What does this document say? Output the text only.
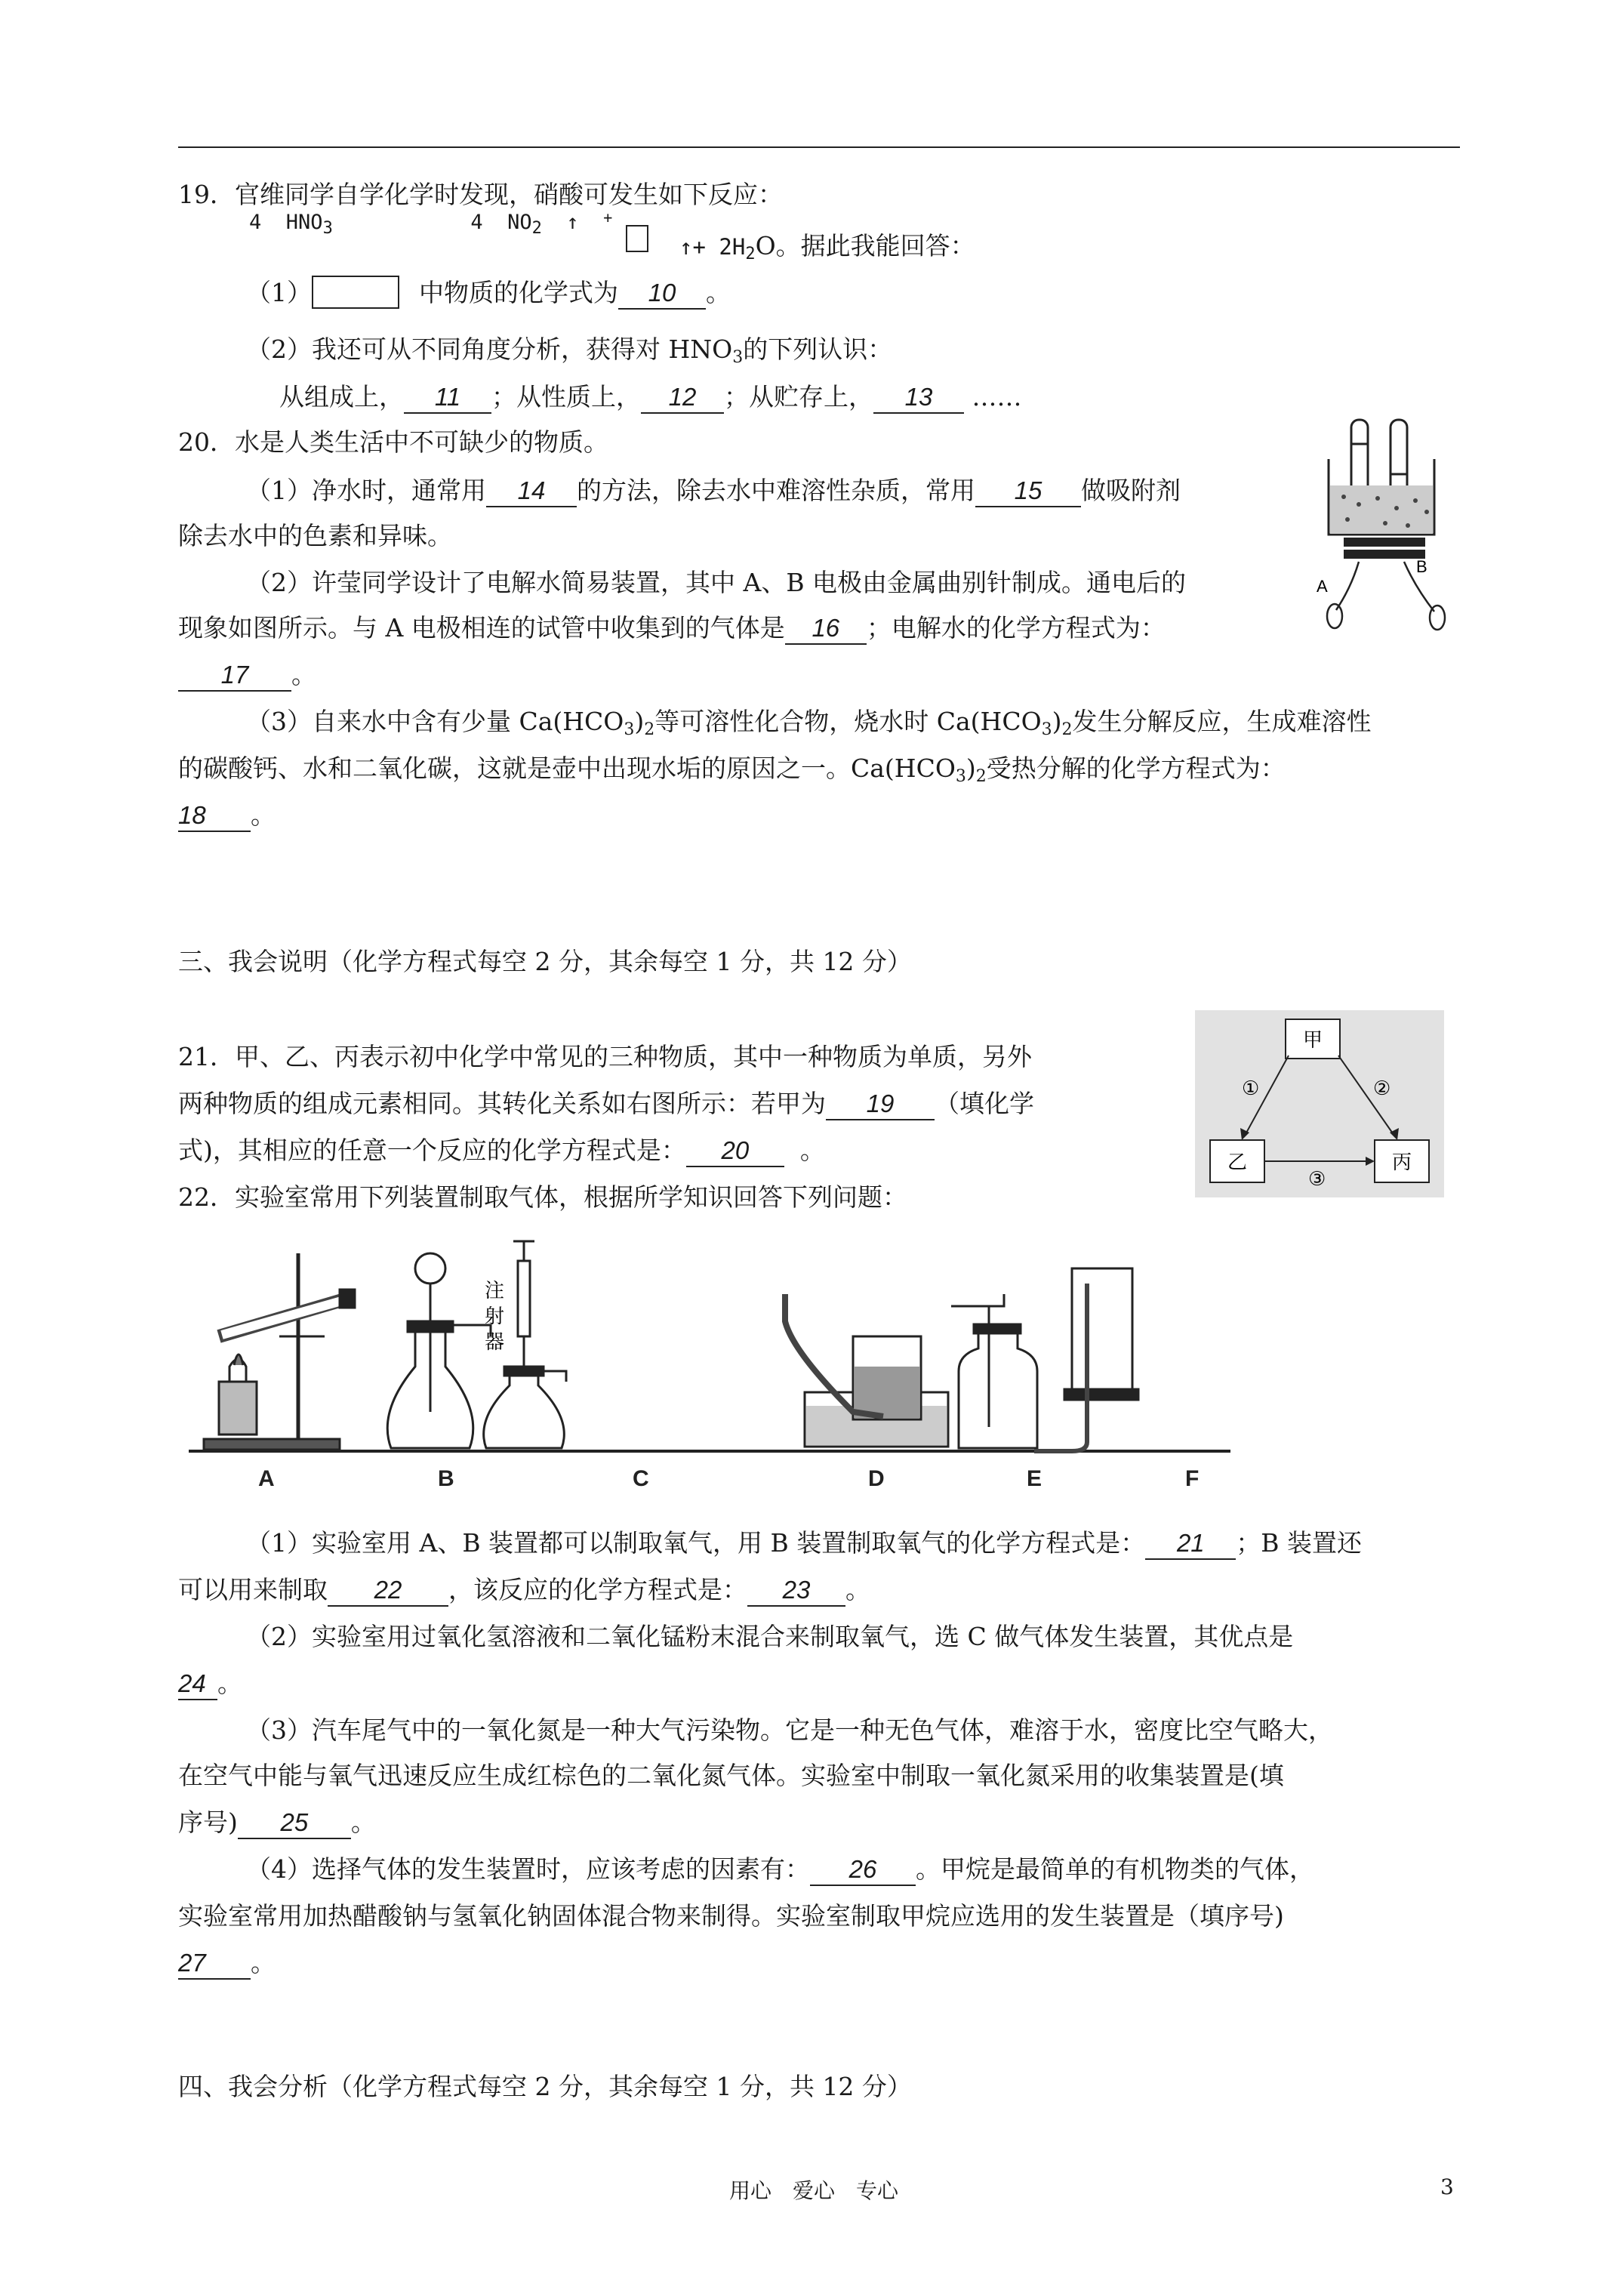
19．官维同学自学化学时发现，硝酸可发生如下反应：
4 $HNO_3$	4 $NO_2$ ↑ +
↑+ $2H_2O$。据此我能回答：
（1）	中物质的化学式为 10 。
（2）我还可从不同角度分析，获得对 $HNO_3$的下列认识：
从组成上， 11 ；从性质上， 12 ；从贮存上， 13 ……
20．水是人类生活中不可缺少的物质。
（1）净水时，通常用 14 的方法，除去水中难溶性杂质，常用 15 做吸附剂
除去水中的色素和异味。
（2）许莹同学设计了电解水简易装置，其中 A、B 电极由金属曲别针制成。通电后的
现象如图所示。与 A 电极相连的试管中收集到的气体是 16 ；电解水的化学方程式为：
17 。
（3）自来水中含有少量 $Ca(HCO_3)_2$等可溶性化合物，烧水时 $Ca(HCO_3)_2$发生分解反应，生成难溶性
的碳酸钙、水和二氧化碳，这就是壶中出现水垢的原因之一。$Ca(HCO_3)_2$受热分解的化学方程式为：
18 。
A
B
三、我会说明（化学方程式每空 2 分，其余每空 1 分，共 12 分）
21．甲、乙、丙表示初中化学中常见的三种物质，其中一种物质为单质，另外
两种物质的组成元素相同。其转化关系如右图所示：若甲为 19 （填化学
式)，其相应的任意一个反应的化学方程式是： 20 。
甲
乙	丙
①	②
③
22．实验室常用下列装置制取气体，根据所学知识回答下列问题：
注
射
器
A	B	C	D	E	F
（1）实验室用 A、B 装置都可以制取氧气，用 B 装置制取氧气的化学方程式是： 21 ；B 装置还
可以用来制取 22 ，该反应的化学方程式是： 23 。
（2）实验室用过氧化氢溶液和二氧化锰粉末混合来制取氧气，选 C 做气体发生装置，其优点是
24 。
（3）汽车尾气中的一氧化氮是一种大气污染物。它是一种无色气体，难溶于水，密度比空气略大，
在空气中能与氧气迅速反应生成红棕色的二氧化氮气体。实验室中制取一氧化氮采用的收集装置是(填
序号) 25 。
（4）选择气体的发生装置时，应该考虑的因素有： 26 。甲烷是最简单的有机物类的气体，
实验室常用加热醋酸钠与氢氧化钠固体混合物来制得。实验室制取甲烷应选用的发生装置是（填序号)
27 。
四、我会分析（化学方程式每空 2 分，其余每空 1 分，共 12 分）
用心　爱心　专心	3
